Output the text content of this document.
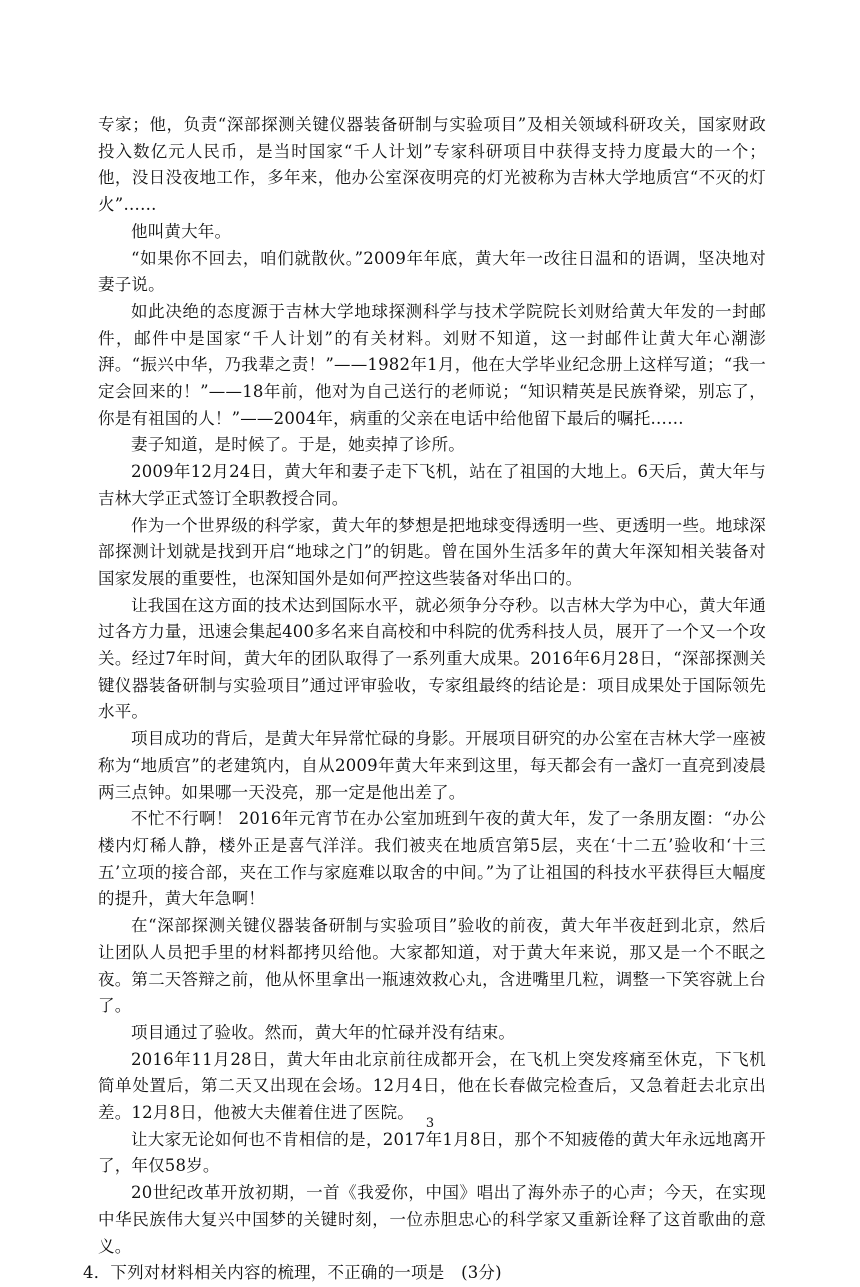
专家；他，负责“深部探测关键仪器装备研制与实验项目”及相关领域科研攻关，国家财政投入数亿元人民币，是当时国家“千人计划”专家科研项目中获得支持力度最大的一个；他，没日没夜地工作，多年来，他办公室深夜明亮的灯光被称为吉林大学地质宫“不灭的灯火”……

他叫黄大年。

“如果你不回去，咱们就散伙。”2009年年底，黄大年一改往日温和的语调，坚决地对妻子说。

如此决绝的态度源于吉林大学地球探测科学与技术学院院长刘财给黄大年发的一封邮件，邮件中是国家“千人计划”的有关材料。刘财不知道，这一封邮件让黄大年心潮澎湃。“振兴中华，乃我辈之责！”——1982年1月，他在大学毕业纪念册上这样写道；“我一定会回来的！”——18年前，他对为自己送行的老师说；“知识精英是民族脊梁，别忘了，你是有祖国的人！”——2004年，病重的父亲在电话中给他留下最后的嘱托……

妻子知道，是时候了。于是，她卖掉了诊所。

2009年12月24日，黄大年和妻子走下飞机，站在了祖国的大地上。6天后，黄大年与吉林大学正式签订全职教授合同。

作为一个世界级的科学家，黄大年的梦想是把地球变得透明一些、更透明一些。地球深部探测计划就是找到开启“地球之门”的钥匙。曾在国外生活多年的黄大年深知相关装备对国家发展的重要性，也深知国外是如何严控这些装备对华出口的。

让我国在这方面的技术达到国际水平，就必须争分夺秒。以吉林大学为中心，黄大年通过各方力量，迅速会集起400多名来自高校和中科院的优秀科技人员，展开了一个又一个攻关。经过7年时间，黄大年的团队取得了一系列重大成果。2016年6月28日，“深部探测关键仪器装备研制与实验项目”通过评审验收，专家组最终的结论是：项目成果处于国际领先水平。

项目成功的背后，是黄大年异常忙碌的身影。开展项目研究的办公室在吉林大学一座被称为“地质宫”的老建筑内，自从2009年黄大年来到这里，每天都会有一盏灯一直亮到凌晨两三点钟。如果哪一天没亮，那一定是他出差了。

不忙不行啊！ 2016年元宵节在办公室加班到午夜的黄大年，发了一条朋友圈：“办公楼内灯稀人静，楼外正是喜气洋洋。我们被夹在地质宫第5层，夹在‘十二五’验收和‘十三五’立项的接合部，夹在工作与家庭难以取舍的中间。”为了让祖国的科技水平获得巨大幅度的提升，黄大年急啊！

在“深部探测关键仪器装备研制与实验项目”验收的前夜，黄大年半夜赶到北京，然后让团队人员把手里的材料都拷贝给他。大家都知道，对于黄大年来说，那又是一个不眠之夜。第二天答辩之前，他从怀里拿出一瓶速效救心丸，含进嘴里几粒，调整一下笑容就上台了。

项目通过了验收。然而，黄大年的忙碌并没有结束。

2016年11月28日，黄大年由北京前往成都开会，在飞机上突发疼痛至休克，下飞机简单处置后，第二天又出现在会场。12月4日，他在长春做完检查后，又急着赶去北京出差。12月8日，他被大夫催着住进了医院。

让大家无论如何也不肯相信的是，2017年1月8日，那个不知疲倦的黄大年永远地离开了，年仅58岁。

20世纪改革开放初期，一首《我爱你，中国》唱出了海外赤子的心声；今天，在实现中华民族伟大复兴中国梦的关键时刻，一位赤胆忠心的科学家又重新诠释了这首歌曲的意义。

4．下列对材料相关内容的梳理，不正确的一项是　(3分)

3
